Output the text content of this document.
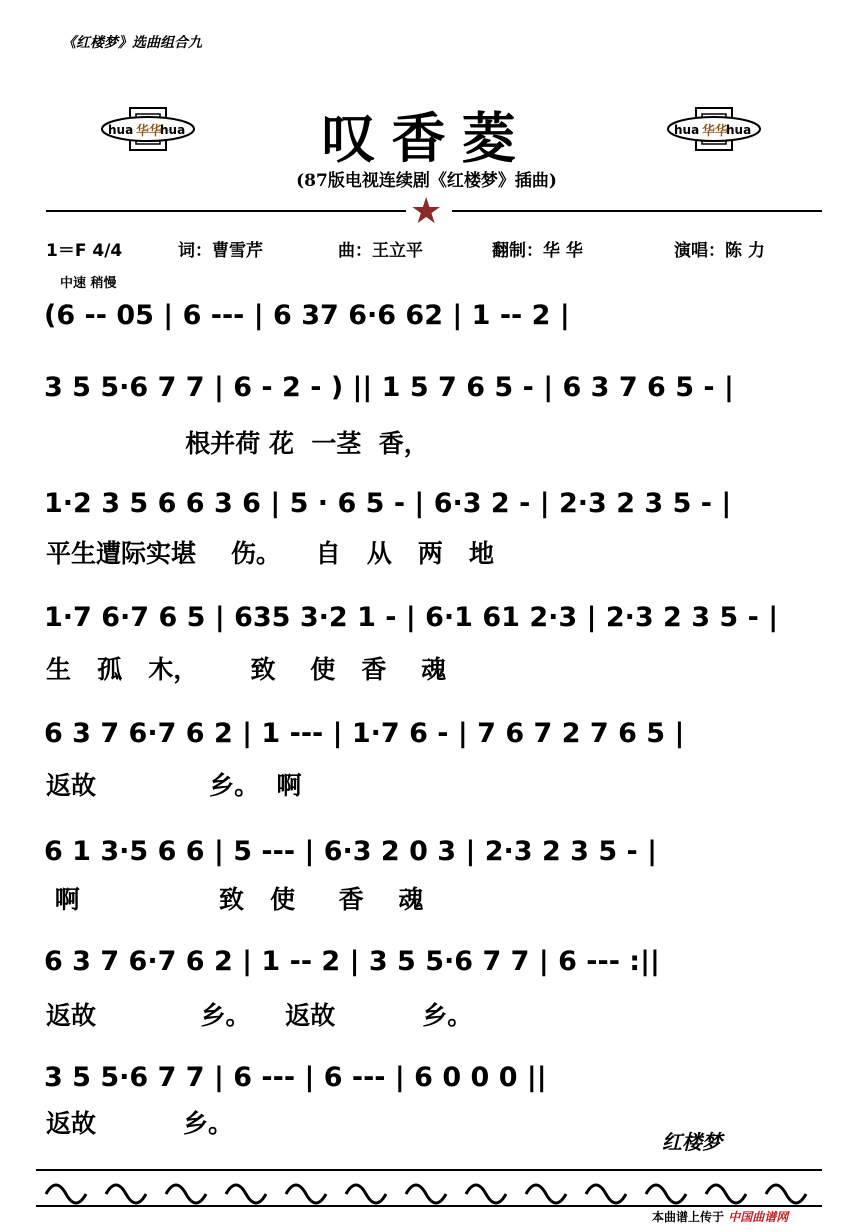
《红楼梦》选曲组合九
hua hua
华华	叹香菱	hua hua
华华
(87版电视连续剧《红楼梦》插曲)
★
1＝F 4/4	词：曹雪芹	曲：王立平	翻制：华 华	演唱：陈 力
中速 稍慢
(6 -- 05 | 6 --- | 6 37 6·6 62 | 1 -- 2 |
3 5 5·6 7 7 | 6 - 2 - ) || 1 5 7 6 5 - | 6 3 7 6 5 - |
根并荷 花  一茎  香，
1·2 3 5 6 6 3 6 | 5 · 6 5 - | 6·3 2 - | 2·3 2 3 5 - |
平生遭际实堪    伤。    自   从   两   地
1·7 6·7 6 5 | 635 3·2 1 - | 6·1 61 2·3 | 2·3 2 3 5 - |
生   孤   木，      致    使   香    魂
6 3 7 6·7 6 2 | 1 --- | 1·7 6 - | 7 6 7 2 7 6 5 |
返故             乡。  啊
6 1 3·5 6 6 | 5 --- | 6·3 2 0 3 | 2·3 2 3 5 - |
啊                致   使     香    魂
6 3 7 6·7 6 2 | 1 -- 2 | 3 5 5·6 7 7 | 6 --- :||
返故            乡。    返故          乡。
3 5 5·6 7 7 | 6 --- | 6 --- | 6 0 0 0 ||
返故          乡。
红楼梦
本曲谱上传于 中国曲谱网
